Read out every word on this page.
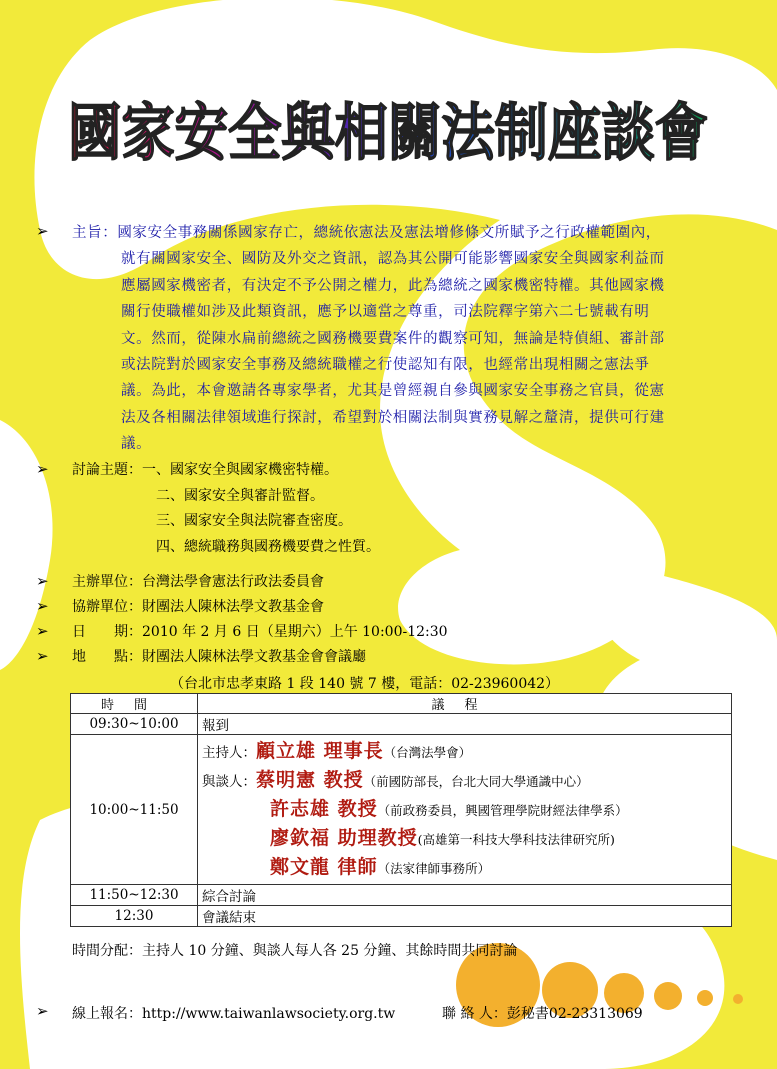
國家安全與相關法制座談會
➢ 主旨：國家安全事務關係國家存亡，總統依憲法及憲法增修條文所賦予之行政權範圍內，
就有關國家安全、國防及外交之資訊，認為其公開可能影響國家安全與國家利益而
應屬國家機密者，有決定不予公開之權力，此為總統之國家機密特權。其他國家機
關行使職權如涉及此類資訊，應予以適當之尊重，司法院釋字第六二七號載有明
文。然而，從陳水扁前總統之國務機要費案件的觀察可知，無論是特偵組、審計部
或法院對於國家安全事務及總統職權之行使認知有限，也經常出現相關之憲法爭
議。為此，本會邀請各專家學者，尤其是曾經親自參與國家安全事務之官員，從憲
法及各相關法律領域進行探討，希望對於相關法制與實務見解之釐清，提供可行建
議。
➢ 討論主題：一、國家安全與國家機密特權。
二、國家安全與審計監督。
三、國家安全與法院審查密度。
四、總統職務與國務機要費之性質。
➢
➢
➢
➢
主辦單位：台灣法學會憲法行政法委員會
協辦單位：財團法人陳林法學文教基金會
日　　期：2010 年 2 月 6 日（星期六）上午 10:00-12:30
地　　點：財團法人陳林法學文教基金會會議廳
（台北市忠孝東路 1 段 140 號 7 樓，電話：02-23960042）
時間	議程
09:30~10:00	報到
10:00~11:50	主持人：顧立雄 理事長（台灣法學會）
與談人：蔡明憲 教授（前國防部長，台北大同大學通識中心）
許志雄 教授（前政務委員，興國管理學院財經法律學系）
廖欽福 助理教授(高雄第一科技大學科技法律研究所)
鄭文龍 律師（法家律師事務所）

11:50~12:30	綜合討論
12:30	會議結束
時間分配：主持人 10 分鐘、與談人每人各 25 分鐘、其餘時間共同討論
➢ 線上報名：http://www.taiwanlawsociety.org.tw	聯 絡 人：彭秘書02-23313069
